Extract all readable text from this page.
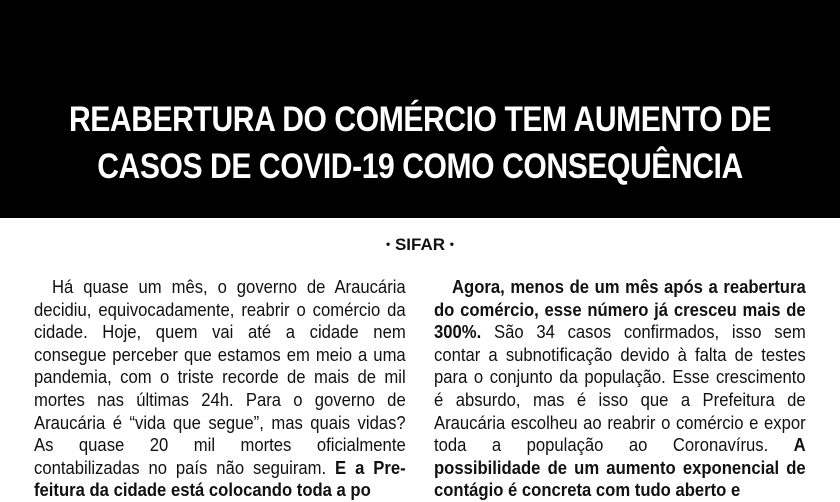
REABERTURA DO COMÉRCIO TEM AUMENTO DE
CASOS DE COVID-19 COMO CONSEQUÊNCIA
• SIFAR •

Há quase um mês, o governo de Araucária decidiu, equivocadamente, reabrir o comércio da cidade. Hoje, quem vai até a cidade nem consegue perceber que estamos em meio a uma pandemia, com o triste recorde de mais de mil mortes nas últimas 24h. Para o governo de Araucária é “vida que segue”, mas quais vidas? As quase 20 mil mortes oficialmente contabilizadas no país não seguiram. E a Prefeitura da cidade está colocando toda a po

Agora, menos de um mês após a reabertura do comércio, esse número já cresceu mais de 300%. São 34 casos confirmados, isso sem contar a subnotificação devido à falta de testes para o conjunto da população. Esse crescimento é absurdo, mas é isso que a Prefeitura de Araucária escolheu ao reabrir o comércio e expor toda a população ao Coronavírus. A possibilidade de um aumento exponencial de contágio é concreta com tudo aberto e
